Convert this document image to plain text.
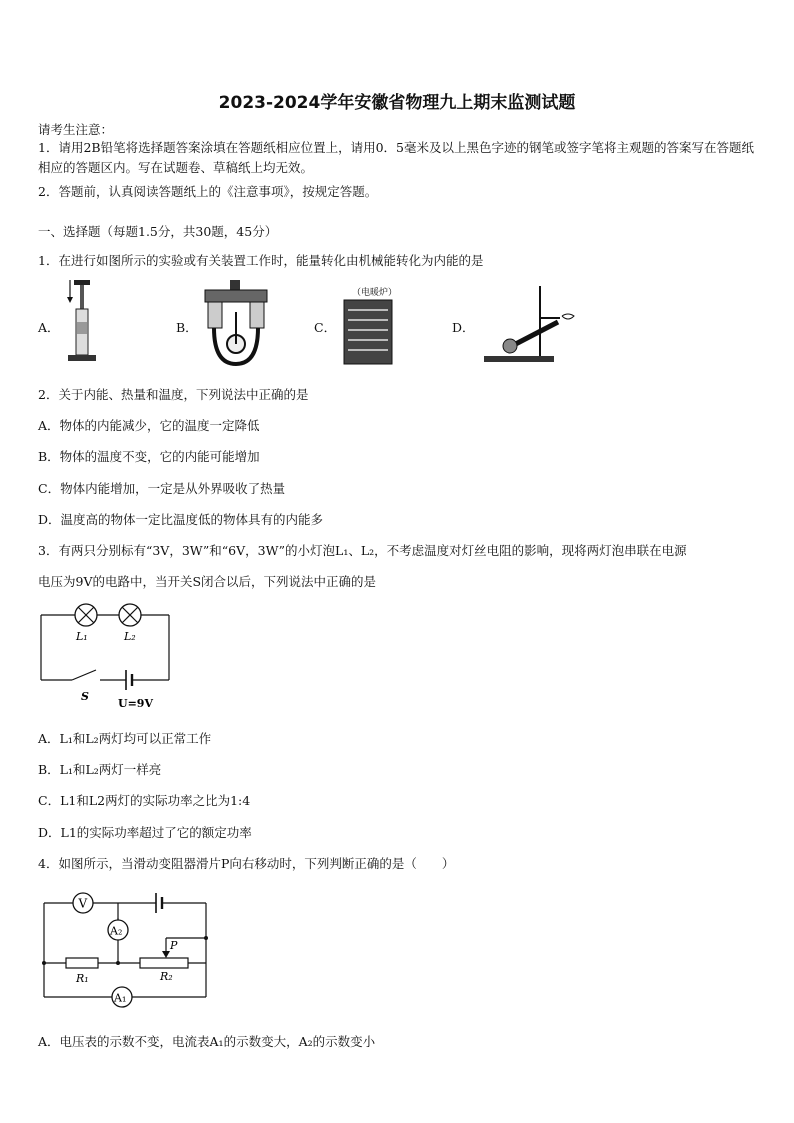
2023-2024学年安徽省物理九上期末监测试题
请考生注意：
1．请用2B铅笔将选择题答案涂填在答题纸相应位置上，请用0．5毫米及以上黑色字迹的钢笔或签字笔将主观题的答案写在答题纸相应的答题区内。写在试题卷、草稿纸上均无效。
2．答题前，认真阅读答题纸上的《注意事项》，按规定答题。
一、选择题（每题1.5分，共30题，45分）
1．在进行如图所示的实验或有关装置工作时，能量转化由机械能转化为内能的是
A．	B．	C．
（电暖炉）
D．
2．关于内能、热量和温度，下列说法中正确的是
A．物体的内能减少，它的温度一定降低
B．物体的温度不变，它的内能可能增加
C．物体内能增加，一定是从外界吸收了热量
D．温度高的物体一定比温度低的物体具有的内能多
3．有两只分别标有“3V，3W”和“6V，3W”的小灯泡L₁、L₂，不考虑温度对灯丝电阻的影响，现将两灯泡串联在电源
电压为9V的电路中，当开关S闭合以后，下列说法中正确的是
L₁	L₂
S
U=9V
A．L₁和L₂两灯均可以正常工作
B．L₁和L₂两灯一样亮
C．L1和L2两灯的实际功率之比为1:4
D．L1的实际功率超过了它的额定功率
4．如图所示，当滑动变阻器滑片P向右移动时，下列判断正确的是（　　）
V
A₂
A₁
P
R₁	R₂
A．电压表的示数不变，电流表A₁的示数变大，A₂的示数变小
